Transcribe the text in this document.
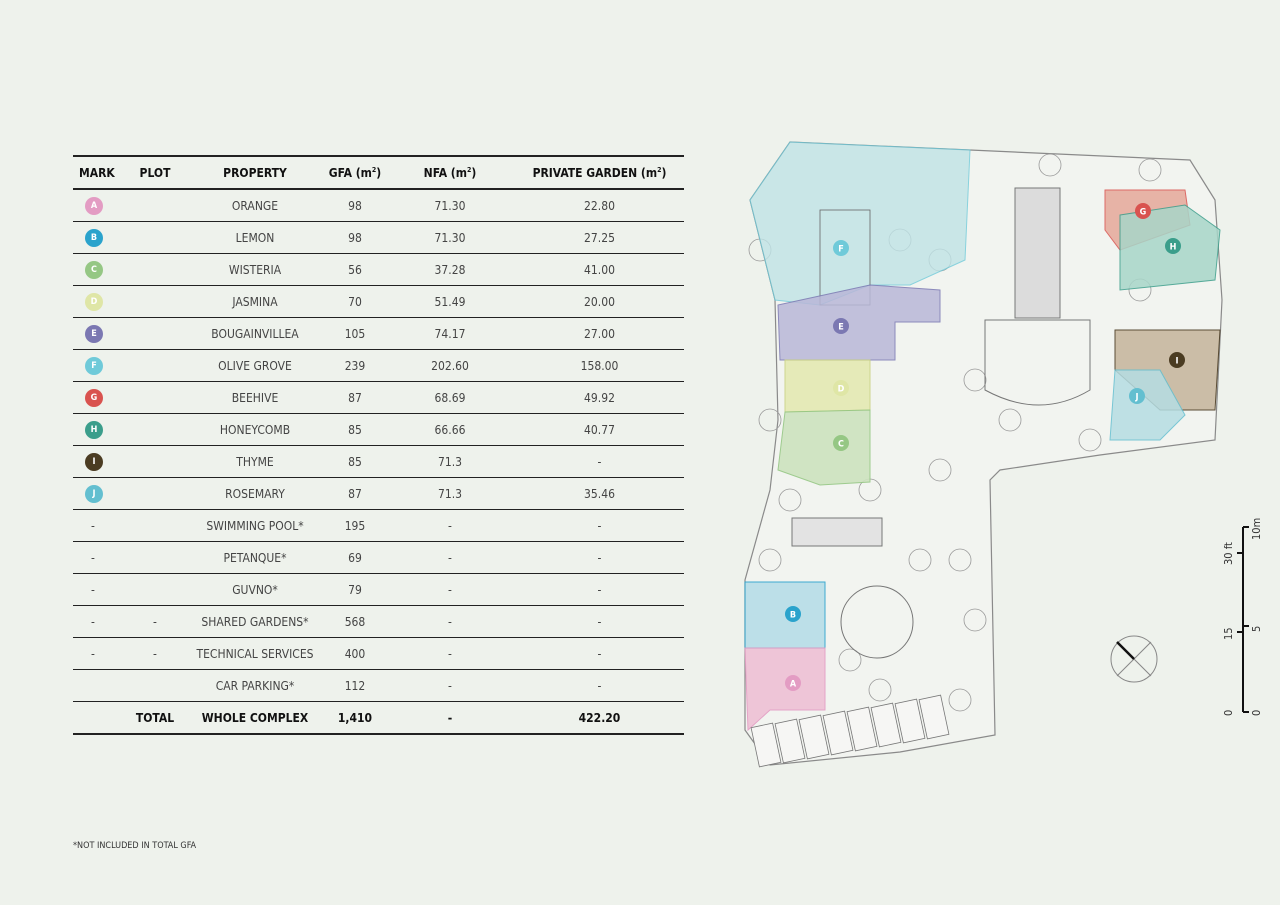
MARK	PLOT	PROPERTY	GFA $(m^2)$	NFA $(m^2)$	PRIVATE GARDEN $(m^2)$
A		ORANGE	98	71.30	22.80
B		LEMON	98	71.30	27.25
C		WISTERIA	56	37.28	41.00
D		JASMINA	70	51.49	20.00
E		BOUGAINVILLEA	105	74.17	27.00
F		OLIVE GROVE	239	202.60	158.00
G		BEEHIVE	87	68.69	49.92
H		HONEYCOMB	85	66.66	40.77
I		THYME	85	71.3	-
J		ROSEMARY	87	71.3	35.46
-		SWIMMING POOL*	195	-	-
-		PETANQUE*	69	-	-
-		GUVNO*	79	-	-
-	-	SHARED GARDENS*	568	-	-
-	-	TECHNICAL SERVICES	400	-	-
		CAR PARKING*	112	-	-
	TOTAL	WHOLE COMPLEX	1,410	-	422.20
*NOT INCLUDED IN TOTAL GFA
A
B
C
D
E
F
G
H
I
J
0
15
30 ft
0
5
10m
